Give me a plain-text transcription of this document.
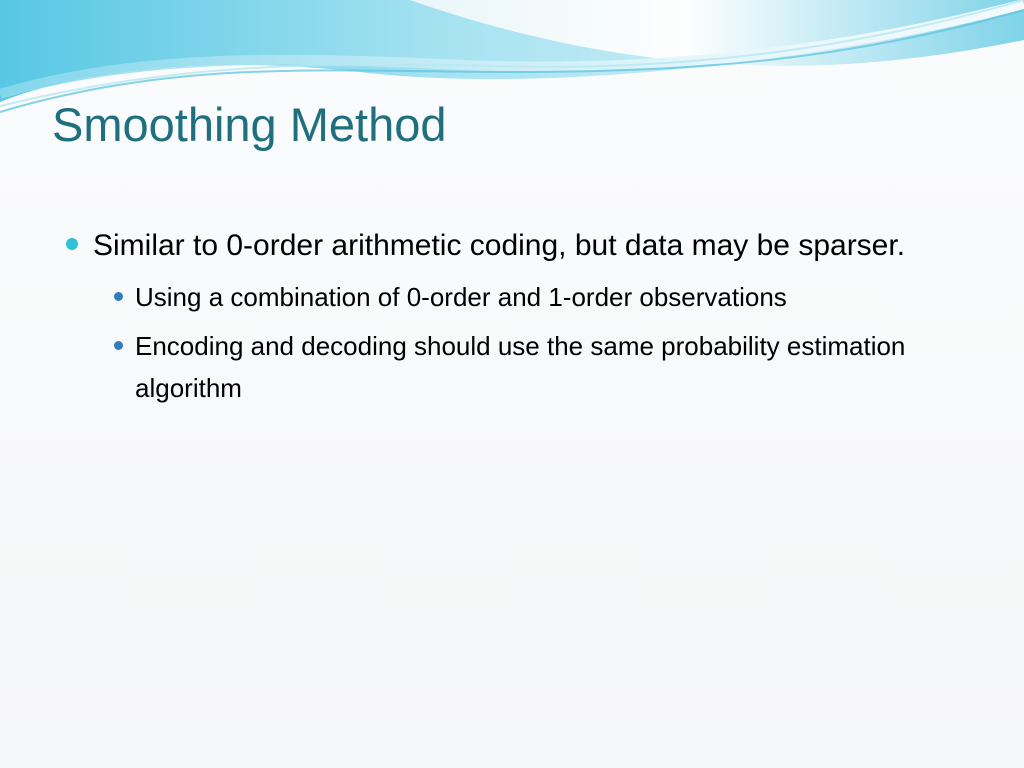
Smoothing Method
Similar to 0-order arithmetic coding, but data may be sparser.
Using a combination of 0-order and 1-order observations
Encoding and decoding should use the same probability estimation algorithm
